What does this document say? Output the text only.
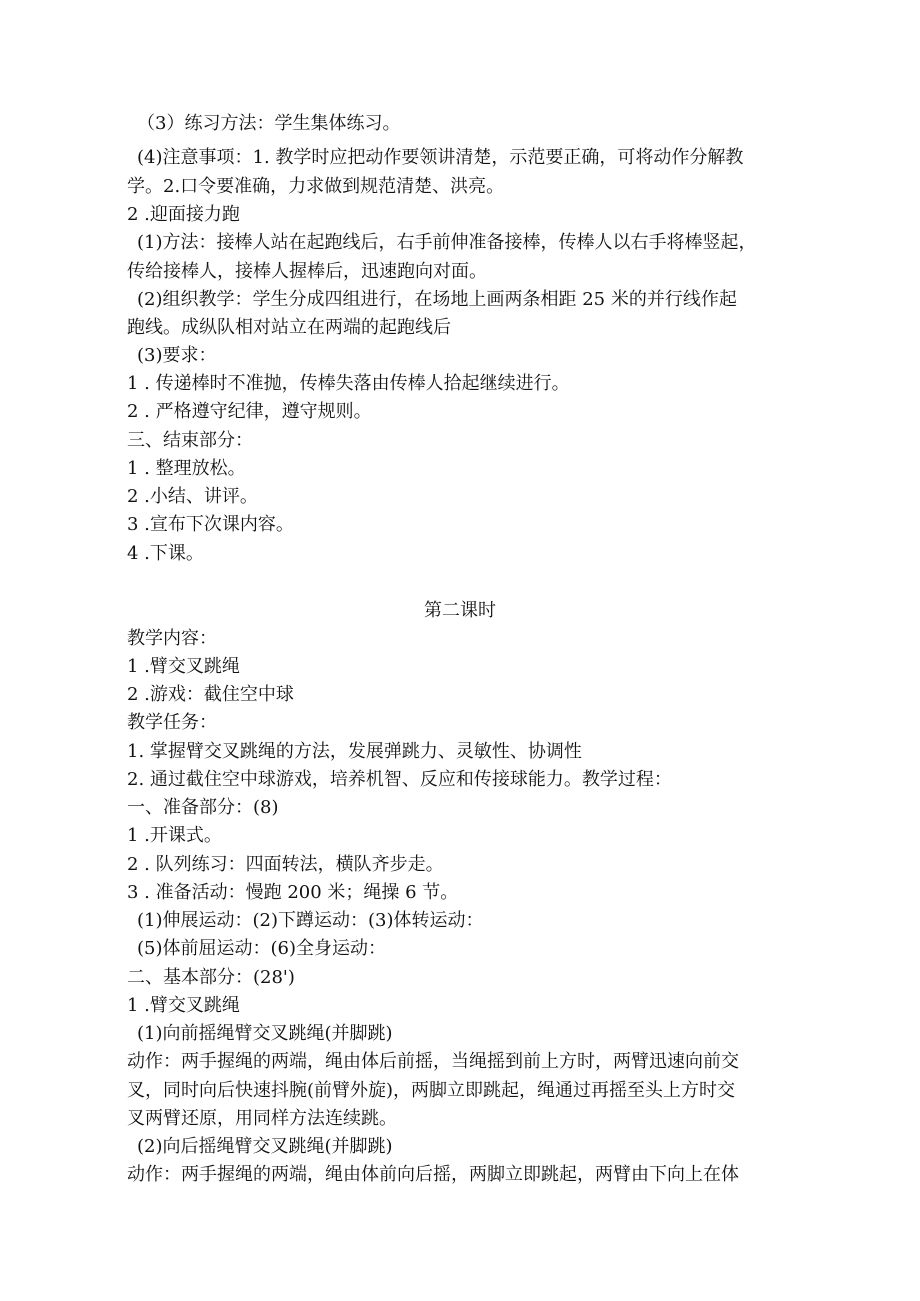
（3）练习方法：学生集体练习。
(4)注意事项：1. 教学时应把动作要领讲清楚，示范要正确，可将动作分解教
学。2.口令要准确，力求做到规范清楚、洪亮。
2 .迎面接力跑
(1)方法：接棒人站在起跑线后，右手前伸准备接棒，传棒人以右手将棒竖起，
传给接棒人，接棒人握棒后，迅速跑向对面。
(2)组织教学：学生分成四组进行，在场地上画两条相距 25 米的并行线作起
跑线。成纵队相对站立在两端的起跑线后
(3)要求：
1 . 传递棒时不准抛，传棒失落由传棒人拾起继续进行。
2 . 严格遵守纪律，遵守规则。
三、结束部分：
1 . 整理放松。
2 .小结、讲评。
3 .宣布下次课内容。
4 .下课。
第二课时
教学内容：
1 .臂交叉跳绳
2 .游戏：截住空中球
教学任务：
1. 掌握臂交叉跳绳的方法，发展弹跳力、灵敏性、协调性
2. 通过截住空中球游戏，培养机智、反应和传接球能力。教学过程：
一、准备部分：(8)
1 .开课式。
2 . 队列练习：四面转法，横队齐步走。
3 . 准备活动：慢跑 200 米；绳操 6 节。
(1)伸展运动：(2)下蹲运动：(3)体转运动：
(5)体前屈运动：(6)全身运动：
二、基本部分：(28')
1 .臂交叉跳绳
(1)向前摇绳臂交叉跳绳(并脚跳)
动作：两手握绳的两端，绳由体后前摇，当绳摇到前上方时，两臂迅速向前交
叉，同时向后快速抖腕(前臂外旋)，两脚立即跳起，绳通过再摇至头上方时交
叉两臂还原，用同样方法连续跳。
(2)向后摇绳臂交叉跳绳(并脚跳)
动作：两手握绳的两端，绳由体前向后摇，两脚立即跳起，两臂由下向上在体
